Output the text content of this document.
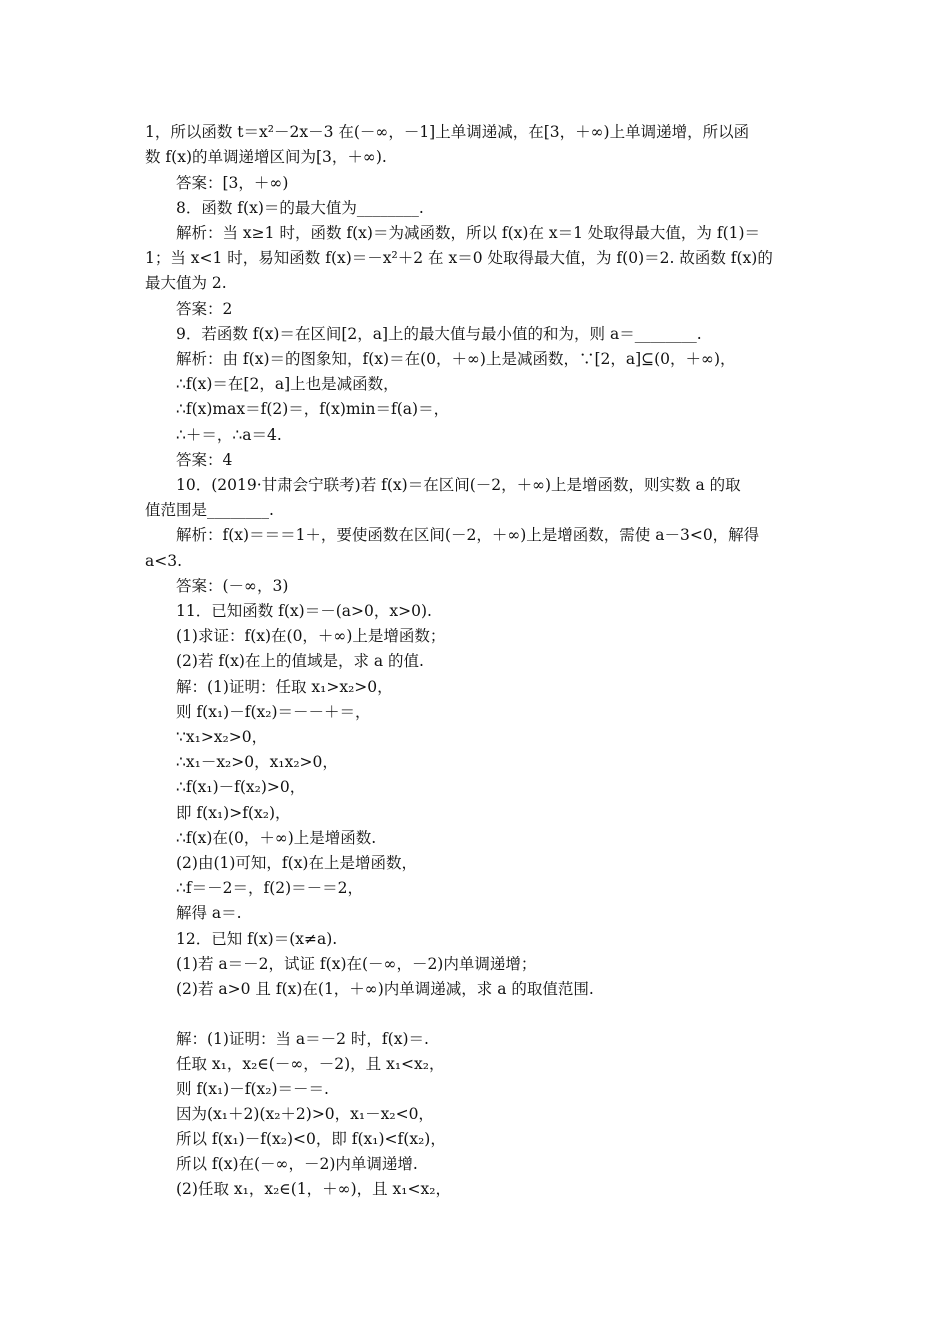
1，所以函数 t＝x²－2x－3 在(－∞，－1]上单调递减，在[3，＋∞)上单调递增，所以函
数 f(x)的单调递增区间为[3，＋∞).
答案：[3，＋∞)
8．函数 f(x)＝的最大值为________.
解析：当 x≥1 时，函数 f(x)＝为减函数，所以 f(x)在 x＝1 处取得最大值，为 f(1)＝
1；当 x<1 时，易知函数 f(x)＝－x²＋2 在 x＝0 处取得最大值，为 f(0)＝2. 故函数 f(x)的
最大值为 2.
答案：2
9．若函数 f(x)＝在区间[2，a]上的最大值与最小值的和为，则 a＝________.
解析：由 f(x)＝的图象知，f(x)＝在(0，＋∞)上是减函数，∵[2，a]⊆(0，＋∞)，
∴f(x)＝在[2，a]上也是减函数，
∴f(x)max＝f(2)＝，f(x)min＝f(a)＝，
∴＋＝，∴a＝4.
答案：4
10．(2019·甘肃会宁联考)若 f(x)＝在区间(－2，＋∞)上是增函数，则实数 a 的取
值范围是________.
解析：f(x)＝＝＝1＋，要使函数在区间(－2，＋∞)上是增函数，需使 a－3<0，解得
a<3.
答案：(－∞，3)
11．已知函数 f(x)＝－(a>0，x>0).
(1)求证：f(x)在(0，＋∞)上是增函数；
(2)若 f(x)在上的值域是，求 a 的值.
解：(1)证明：任取 x₁>x₂>0，
则 f(x₁)－f(x₂)＝－－＋＝，
∵x₁>x₂>0，
∴x₁－x₂>0，x₁x₂>0，
∴f(x₁)－f(x₂)>0，
即 f(x₁)>f(x₂)，
∴f(x)在(0，＋∞)上是增函数.
(2)由(1)可知，f(x)在上是增函数，
∴f＝－2＝，f(2)＝－＝2，
解得 a＝.
12．已知 f(x)＝(x≠a).
(1)若 a＝－2，试证 f(x)在(－∞，－2)内单调递增；
(2)若 a>0 且 f(x)在(1，＋∞)内单调递减，求 a 的取值范围.
解：(1)证明：当 a＝－2 时，f(x)＝.
任取 x₁，x₂∈(－∞，－2)，且 x₁<x₂，
则 f(x₁)－f(x₂)＝－＝.
因为(x₁＋2)(x₂＋2)>0，x₁－x₂<0，
所以 f(x₁)－f(x₂)<0，即 f(x₁)<f(x₂)，
所以 f(x)在(－∞，－2)内单调递增.
(2)任取 x₁，x₂∈(1，＋∞)，且 x₁<x₂，
